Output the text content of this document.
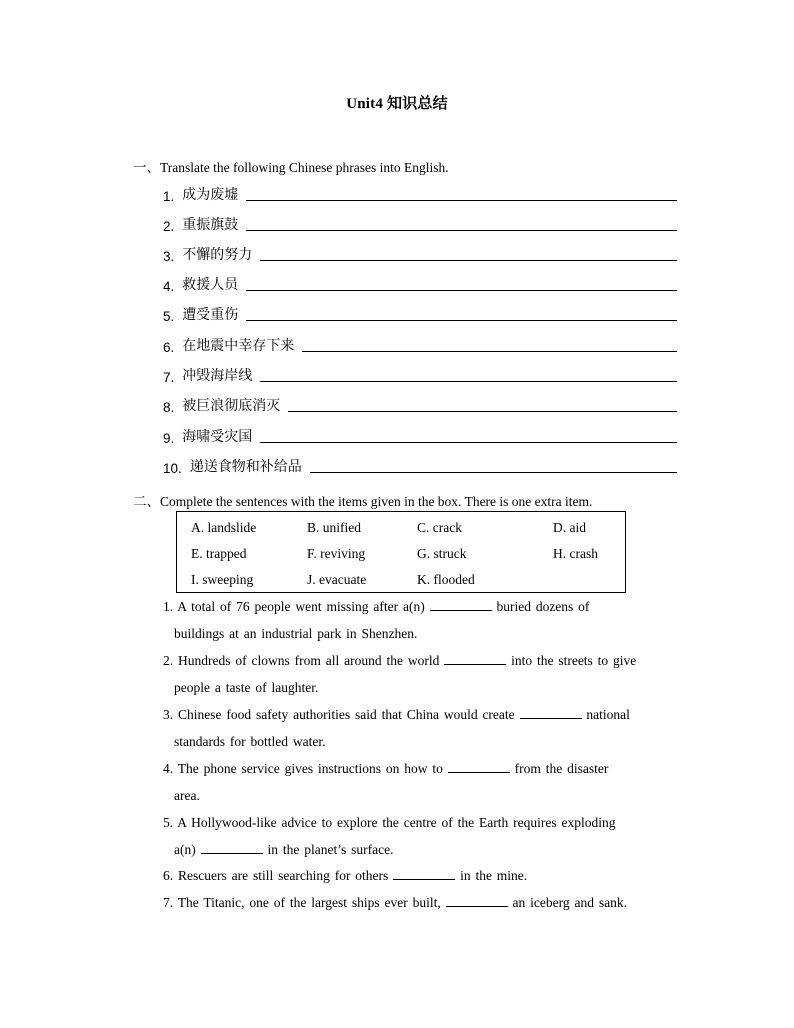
Unit4 知识总结
一、Translate the following Chinese phrases into English.
1. 成为废墟
2. 重振旗鼓
3. 不懈的努力
4. 救援人员
5. 遭受重伤
6. 在地震中幸存下来
7. 冲毁海岸线
8. 被巨浪彻底消灭
9. 海啸受灾国
10. 递送食物和补给品
二、Complete the sentences with the items given in the box. There is one extra item.
A. landslide	B. unified	C. crack	D. aid
E. trapped	F. reviving	G. struck	H. crash
I. sweeping	J. evacuate	K. flooded
1. A total of 76 people went missing after a(n)	buried dozens of
buildings at an industrial park in Shenzhen.
2. Hundreds of clowns from all around the world	into the streets to give
people a taste of laughter.
3. Chinese food safety authorities said that China would create	national
standards for bottled water.
4. The phone service gives instructions on how to	from the disaster
area.
5. A Hollywood-like advice to explore the centre of the Earth requires exploding
a(n)	in the planet’s surface.
6. Rescuers are still searching for others	in the mine.
7. The Titanic, one of the largest ships ever built,	an iceberg and sank.
